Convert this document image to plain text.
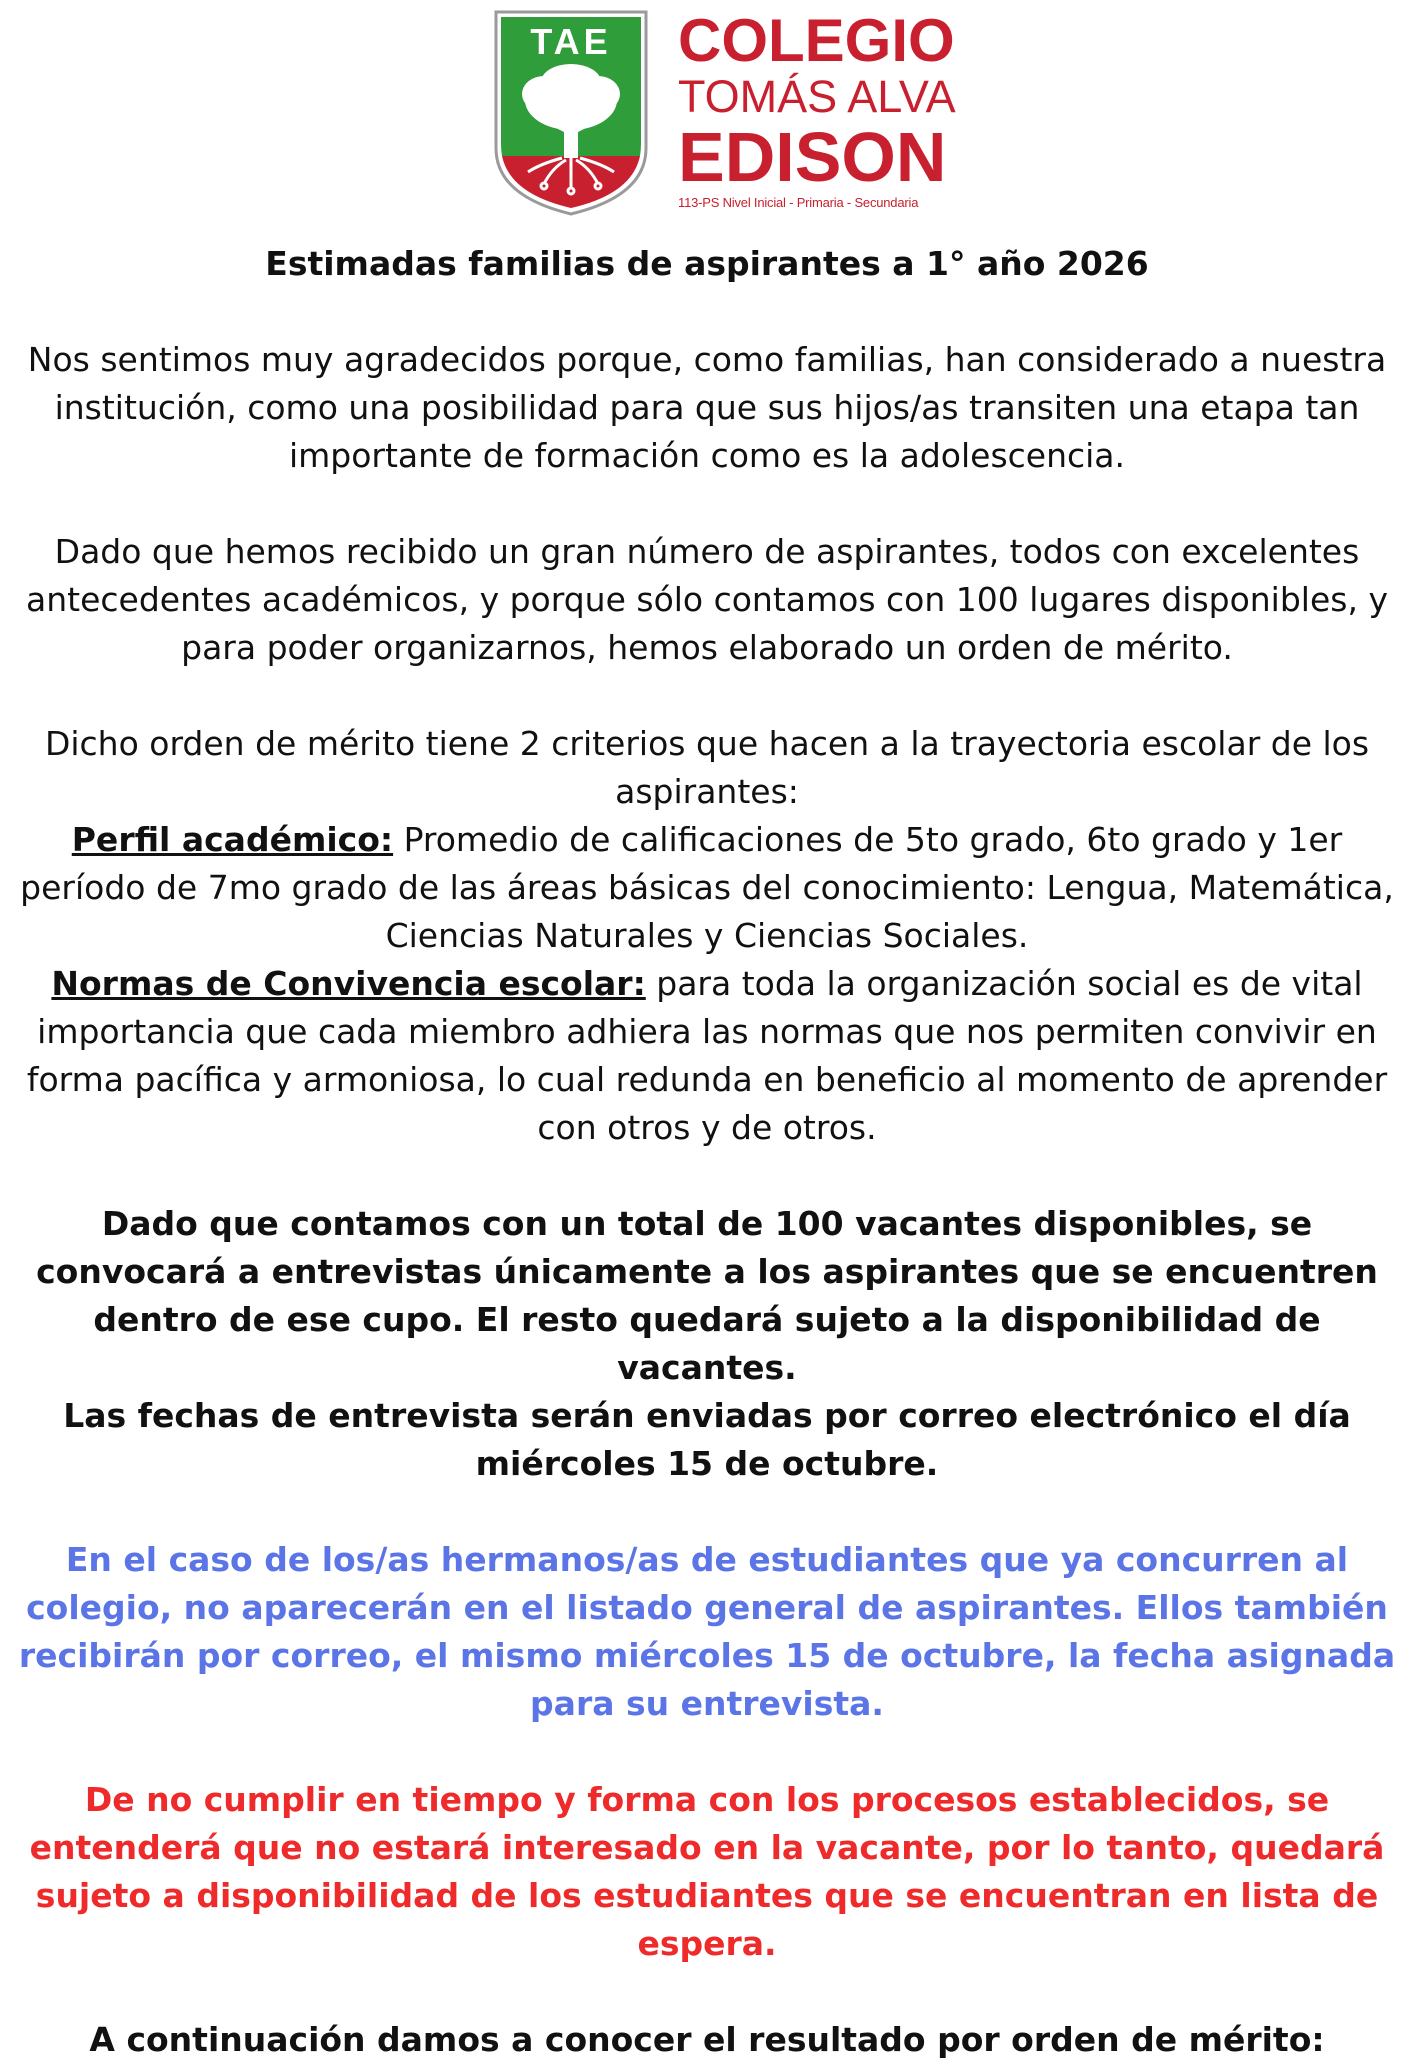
TAE COLEGIO
TOMÁS ALVA
EDISON
113-PS Nivel Inicial - Primaria - Secundaria

Estimadas familias de aspirantes a 1° año 2026

Nos sentimos muy agradecidos porque, como familias, han considerado a nuestra institución, como una posibilidad para que sus hijos/as transiten una etapa tan importante de formación como es la adolescencia.

Dado que hemos recibido un gran número de aspirantes, todos con excelentes antecedentes académicos, y porque sólo contamos con 100 lugares disponibles, y para poder organizarnos, hemos elaborado un orden de mérito.

Dicho orden de mérito tiene 2 criterios que hacen a la trayectoria escolar de los aspirantes:

Perfil académico: Promedio de calificaciones de 5to grado, 6to grado y 1er período de 7mo grado de las áreas básicas del conocimiento: Lengua, Matemática, Ciencias Naturales y Ciencias Sociales.

Normas de Convivencia escolar: para toda la organización social es de vital importancia que cada miembro adhiera las normas que nos permiten convivir en forma pacífica y armoniosa, lo cual redunda en beneficio al momento de aprender con otros y de otros.

Dado que contamos con un total de 100 vacantes disponibles, se convocará a entrevistas únicamente a los aspirantes que se encuentren dentro de ese cupo. El resto quedará sujeto a la disponibilidad de vacantes.

Las fechas de entrevista serán enviadas por correo electrónico el día miércoles 15 de octubre.

En el caso de los/as hermanos/as de estudiantes que ya concurren al colegio, no aparecerán en el listado general de aspirantes. Ellos también recibirán por correo, el mismo miércoles 15 de octubre, la fecha asignada para su entrevista.

De no cumplir en tiempo y forma con los procesos establecidos, se entenderá que no estará interesado en la vacante, por lo tanto, quedará sujeto a disponibilidad de los estudiantes que se encuentran en lista de espera.

A continuación damos a conocer el resultado por orden de mérito:
